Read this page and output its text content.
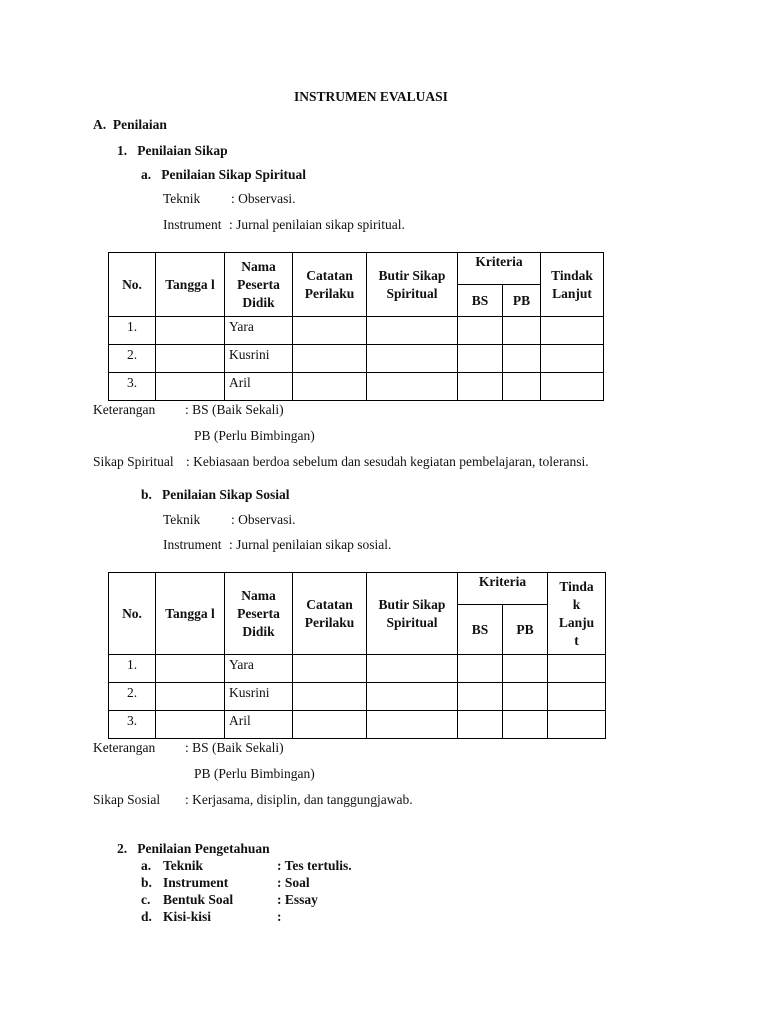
INSTRUMEN EVALUASI
A.  Penilaian
1.   Penilaian Sikap
a.   Penilaian Sikap Spiritual
Teknik : Observasi.
Instrument : Jurnal penilaian sikap spiritual.
No.	Tangga l	Nama Peserta Didik	Catatan Perilaku	Butir Sikap Spiritual	Kriteria		Tindak Lanjut
					BS	PB	
1.		Yara					
2.		Kusrini					
3.		Aril					
Keterangan : BS (Baik Sekali)
PB (Perlu Bimbingan)
Sikap Spiritual : Kebiasaan berdoa sebelum dan sesudah kegiatan pembelajaran, toleransi.
b.   Penilaian Sikap Sosial
Teknik : Observasi.
Instrument : Jurnal penilaian sikap sosial.
No.	Tangga l	Nama Peserta Didik	Catatan Perilaku	Butir Sikap Spiritual	Kriteria		Tinda k Lanju t
					BS	PB	
1.		Yara					
2.		Kusrini					
3.		Aril					
Keterangan : BS (Baik Sekali)
PB (Perlu Bimbingan)
Sikap Sosial : Kerjasama, disiplin, dan tanggungjawab.
2.   Penilaian Pengetahuan
a. Teknik	: Tes tertulis.
b. Instrument	: Soal
c. Bentuk Soal	: Essay
d. Kisi-kisi	:
